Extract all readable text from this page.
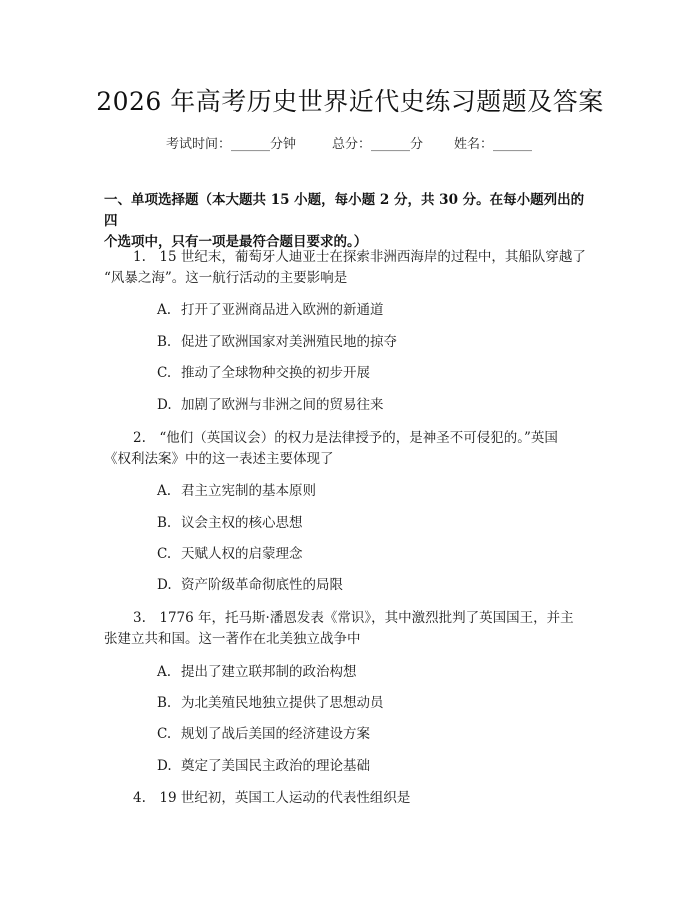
2026 年高考历史世界近代史练习题题及答案
考试时间：______分钟	总分：______分 姓名：______
一、单项选择题（本大题共 15 小题，每小题 2 分，共 30 分。在每小题列出的四
个选项中，只有一项是最符合题目要求的。）
1.　15 世纪末，葡萄牙人迪亚士在探索非洲西海岸的过程中，其船队穿越了
“风暴之海”。这一航行活动的主要影响是
A. 打开了亚洲商品进入欧洲的新通道
B. 促进了欧洲国家对美洲殖民地的掠夺
C. 推动了全球物种交换的初步开展
D. 加剧了欧洲与非洲之间的贸易往来
2.　“他们（英国议会）的权力是法律授予的，是神圣不可侵犯的。”英国
《权利法案》中的这一表述主要体现了
A. 君主立宪制的基本原则
B. 议会主权的核心思想
C. 天赋人权的启蒙理念
D. 资产阶级革命彻底性的局限
3.　1776 年，托马斯·潘恩发表《常识》，其中激烈批判了英国国王，并主
张建立共和国。这一著作在北美独立战争中
A. 提出了建立联邦制的政治构想
B. 为北美殖民地独立提供了思想动员
C. 规划了战后美国的经济建设方案
D. 奠定了美国民主政治的理论基础
4.　19 世纪初，英国工人运动的代表性组织是
